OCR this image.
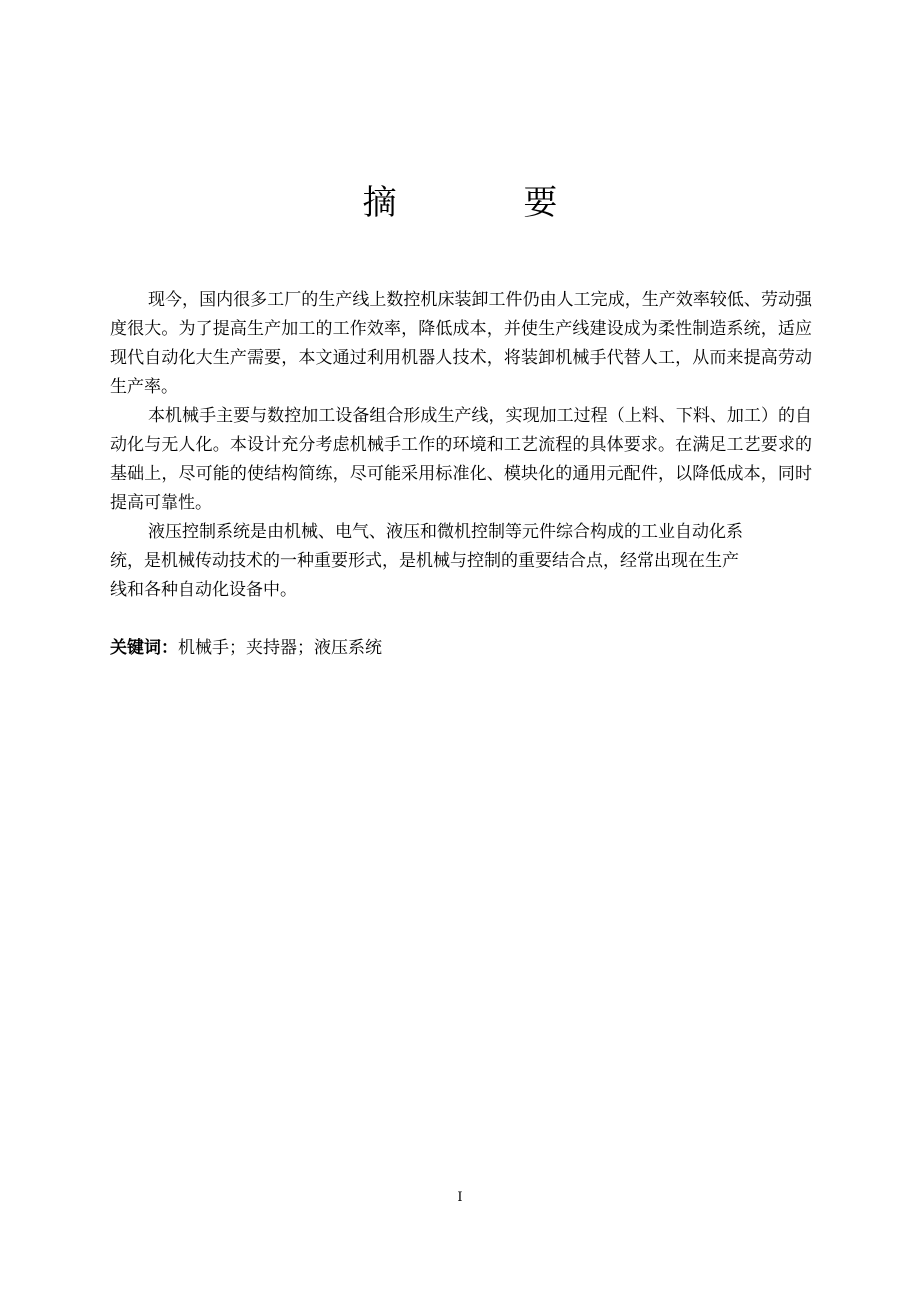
摘 要

现今，国内很多工厂的生产线上数控机床装卸工件仍由人工完成，生产效率较低、劳动强度很大。为了提高生产加工的工作效率，降低成本，并使生产线建设成为柔性制造系统，适应现代自动化大生产需要，本文通过利用机器人技术，将装卸机械手代替人工，从而来提高劳动生产率。

本机械手主要与数控加工设备组合形成生产线，实现加工过程（上料、下料、加工）的自动化与无人化。本设计充分考虑机械手工作的环境和工艺流程的具体要求。在满足工艺要求的基础上，尽可能的使结构简练，尽可能采用标准化、模块化的通用元配件，以降低成本，同时提高可靠性。

液压控制系统是由机械、电气、液压和微机控制等元件综合构成的工业自动化系统，是机械传动技术的一种重要形式，是机械与控制的重要结合点，经常出现在生产线和各种自动化设备中。

关键词：机械手；夹持器；液压系统
I
